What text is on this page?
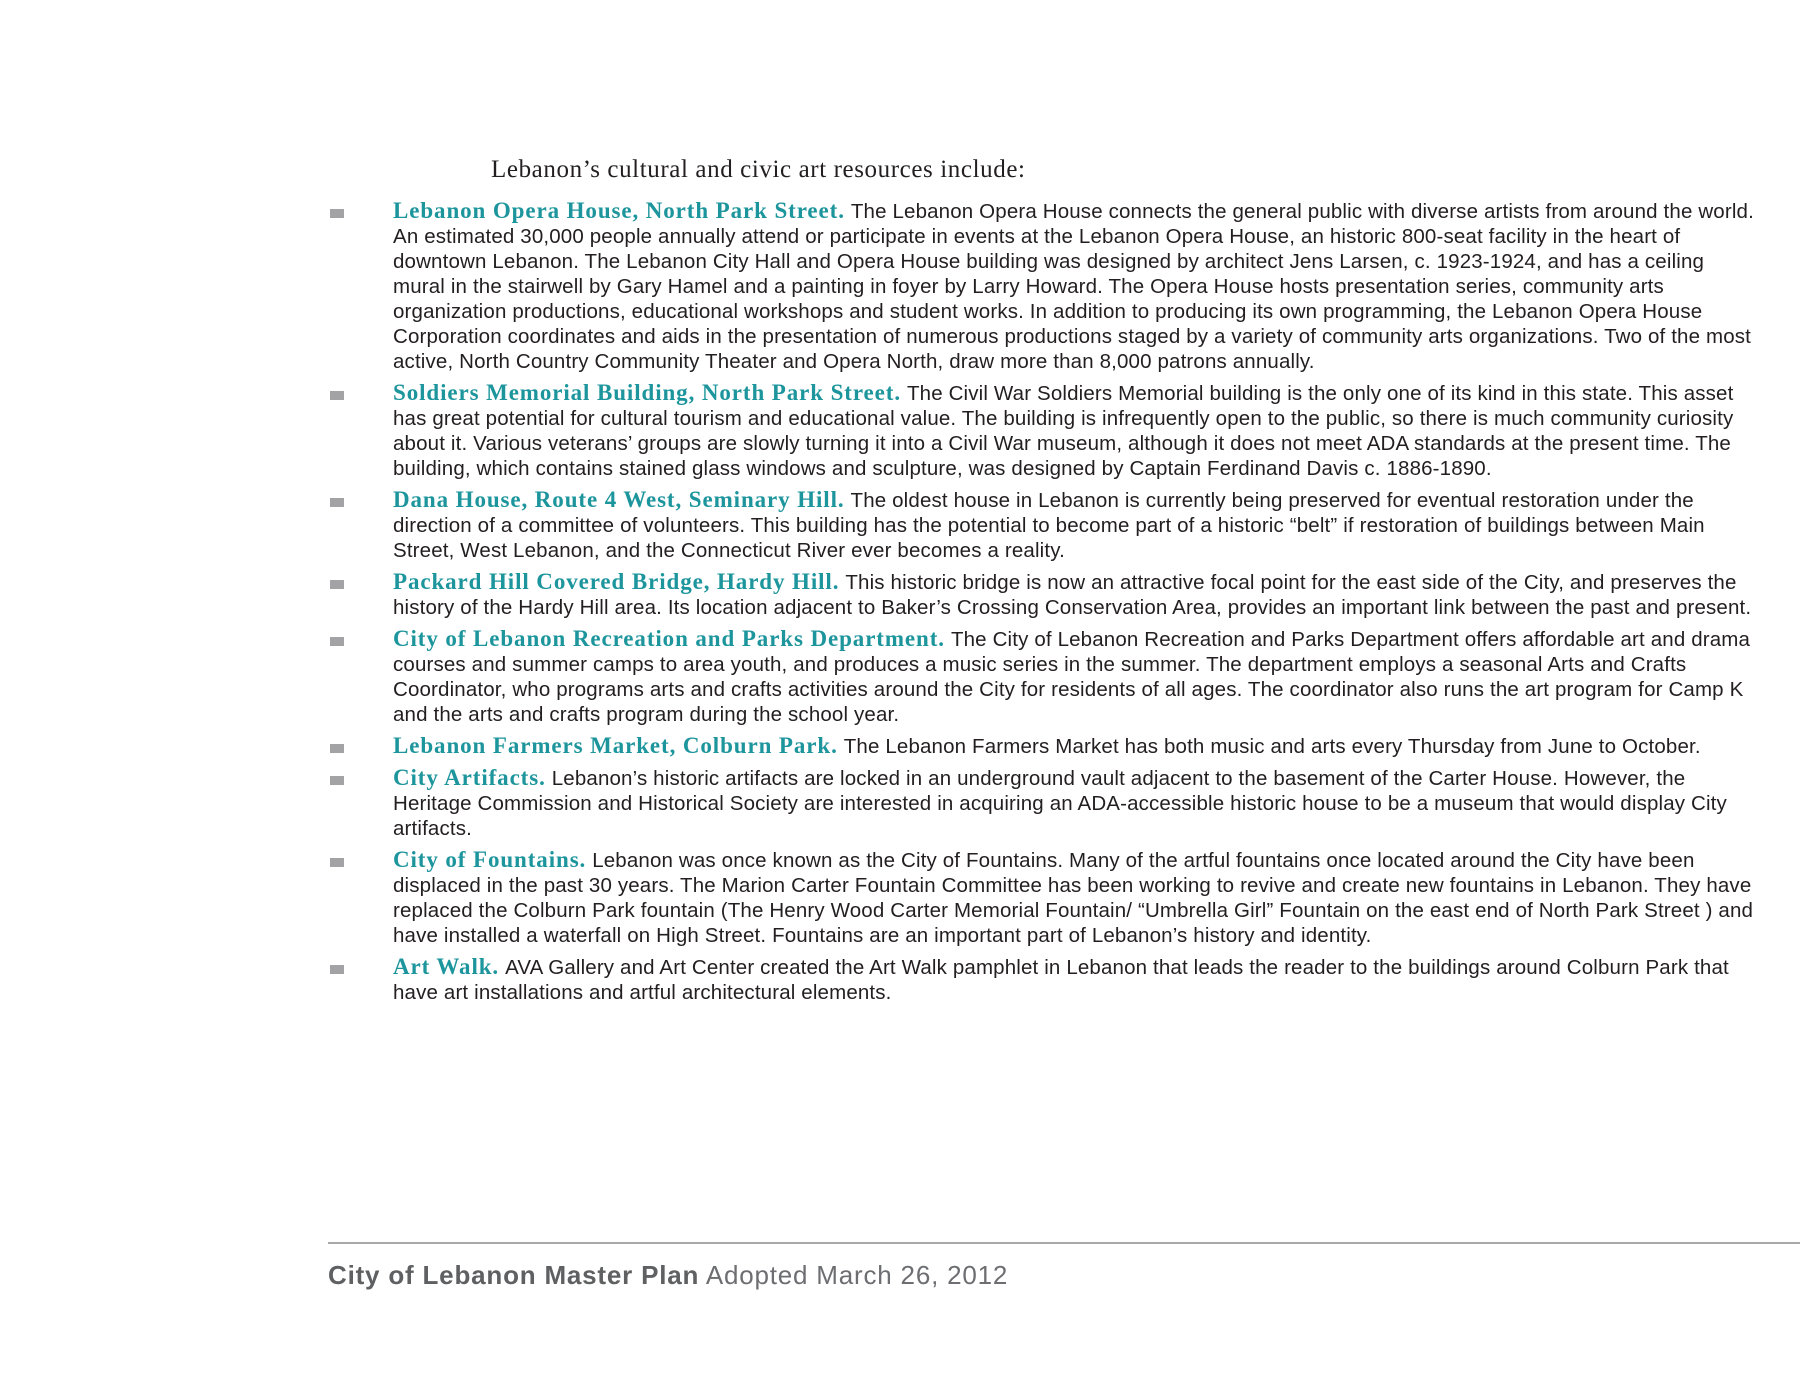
Lebanon’s cultural and civic art resources include:
Lebanon Opera House, North Park Street. The Lebanon Opera House connects the general public with diverse artists from around the world. An estimated 30,000 people annually attend or participate in events at the Lebanon Opera House, an historic 800-seat facility in the heart of downtown Lebanon. The Lebanon City Hall and Opera House building was designed by architect Jens Larsen, c. 1923-1924, and has a ceiling mural in the stairwell by Gary Hamel and a painting in foyer by Larry Howard. The Opera House hosts presentation series, community arts organization productions, educational workshops and student works. In addition to producing its own programming, the Lebanon Opera House Corporation coordinates and aids in the presentation of numerous productions staged by a variety of community arts organizations. Two of the most active, North Country Community Theater and Opera North, draw more than 8,000 patrons annually.
Soldiers Memorial Building, North Park Street. The Civil War Soldiers Memorial building is the only one of its kind in this state. This asset has great potential for cultural tourism and educational value. The building is infrequently open to the public, so there is much community curiosity about it. Various veterans’ groups are slowly turning it into a Civil War museum, although it does not meet ADA standards at the present time. The building, which contains stained glass windows and sculpture, was designed by Captain Ferdinand Davis c. 1886-1890.
Dana House, Route 4 West, Seminary Hill. The oldest house in Lebanon is currently being preserved for eventual restoration under the direction of a committee of volunteers. This building has the potential to become part of a historic “belt” if restoration of buildings between Main Street, West Lebanon, and the Connecticut River ever becomes a reality.
Packard Hill Covered Bridge, Hardy Hill. This historic bridge is now an attractive focal point for the east side of the City, and preserves the history of the Hardy Hill area. Its location adjacent to Baker’s Crossing Conservation Area, provides an important link between the past and present.
City of Lebanon Recreation and Parks Department. The City of Lebanon Recreation and Parks Department offers affordable art and drama courses and summer camps to area youth, and produces a music series in the summer. The department employs a seasonal Arts and Crafts Coordinator, who programs arts and crafts activities around the City for residents of all ages. The coordinator also runs the art program for Camp K and the arts and crafts program during the school year.
Lebanon Farmers Market, Colburn Park. The Lebanon Farmers Market has both music and arts every Thursday from June to October.
City Artifacts. Lebanon’s historic artifacts are locked in an underground vault adjacent to the basement of the Carter House. However, the Heritage Commission and Historical Society are interested in acquiring an ADA-accessible historic house to be a museum that would display City artifacts.
City of Fountains. Lebanon was once known as the City of Fountains. Many of the artful fountains once located around the City have been displaced in the past 30 years. The Marion Carter Fountain Committee has been working to revive and create new fountains in Lebanon. They have replaced the Colburn Park fountain (The Henry Wood Carter Memorial Fountain/ “Umbrella Girl” Fountain on the east end of North Park Street ) and have installed a waterfall on High Street. Fountains are an important part of Lebanon’s history and identity.
Art Walk. AVA Gallery and Art Center created the Art Walk pamphlet in Lebanon that leads the reader to the buildings around Colburn Park that have art installations and artful architectural elements.
City of Lebanon Master Plan Adopted March 26, 2012
